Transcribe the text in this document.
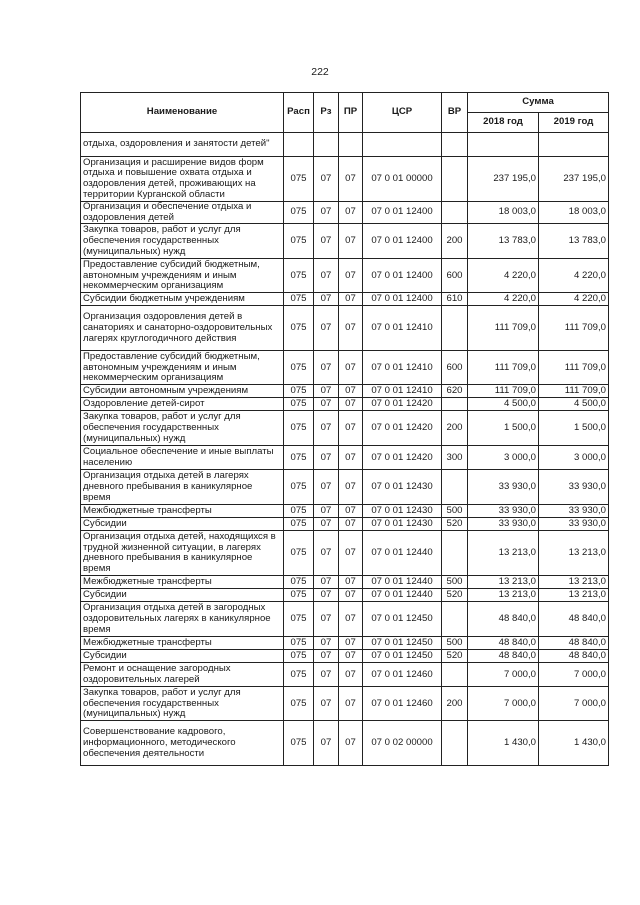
222
Наименование	Расп	Рз	ПР	ЦСР	ВР	Сумма	
						2018 год	2019 год
отдыха, оздоровления и занятости детей"							
Организация и расширение видов форм отдыха и повышение охвата отдыха и оздоровления детей, проживающих на территории Курганской области	075	07	07	07 0 01 00000		237 195,0	237 195,0
Организация и обеспечение отдыха и оздоровления детей	075	07	07	07 0 01 12400		18 003,0	18 003,0
Закупка товаров, работ и услуг для обеспечения государственных (муниципальных) нужд	075	07	07	07 0 01 12400	200	13 783,0	13 783,0
Предоставление субсидий бюджетным, автономным учреждениям и иным некоммерческим организациям	075	07	07	07 0 01 12400	600	4 220,0	4 220,0
Субсидии бюджетным учреждениям	075	07	07	07 0 01 12400	610	4 220,0	4 220,0
Организация оздоровления детей в санаториях и санаторно-оздоровительных лагерях круглогодичного действия	075	07	07	07 0 01 12410		111 709,0	111 709,0
Предоставление субсидий бюджетным, автономным учреждениям и иным некоммерческим организациям	075	07	07	07 0 01 12410	600	111 709,0	111 709,0
Субсидии автономным учреждениям	075	07	07	07 0 01 12410	620	111 709,0	111 709,0
Оздоровление детей-сирот	075	07	07	07 0 01 12420		4 500,0	4 500,0
Закупка товаров, работ и услуг для обеспечения государственных (муниципальных) нужд	075	07	07	07 0 01 12420	200	1 500,0	1 500,0
Социальное обеспечение и иные выплаты населению	075	07	07	07 0 01 12420	300	3 000,0	3 000,0
Организация отдыха детей в лагерях дневного пребывания в каникулярное время	075	07	07	07 0 01 12430		33 930,0	33 930,0
Межбюджетные трансферты	075	07	07	07 0 01 12430	500	33 930,0	33 930,0
Субсидии	075	07	07	07 0 01 12430	520	33 930,0	33 930,0
Организация отдыха детей, находящихся в трудной жизненной ситуации, в лагерях дневного пребывания в каникулярное время	075	07	07	07 0 01 12440		13 213,0	13 213,0
Межбюджетные трансферты	075	07	07	07 0 01 12440	500	13 213,0	13 213,0
Субсидии	075	07	07	07 0 01 12440	520	13 213,0	13 213,0
Организация отдыха детей в загородных оздоровительных лагерях в каникулярное время	075	07	07	07 0 01 12450		48 840,0	48 840,0
Межбюджетные трансферты	075	07	07	07 0 01 12450	500	48 840,0	48 840,0
Субсидии	075	07	07	07 0 01 12450	520	48 840,0	48 840,0
Ремонт и оснащение загородных оздоровительных лагерей	075	07	07	07 0 01 12460		7 000,0	7 000,0
Закупка товаров, работ и услуг для обеспечения государственных (муниципальных) нужд	075	07	07	07 0 01 12460	200	7 000,0	7 000,0
Совершенствование кадрового, информационного, методического обеспечения деятельности	075	07	07	07 0 02 00000		1 430,0	1 430,0
